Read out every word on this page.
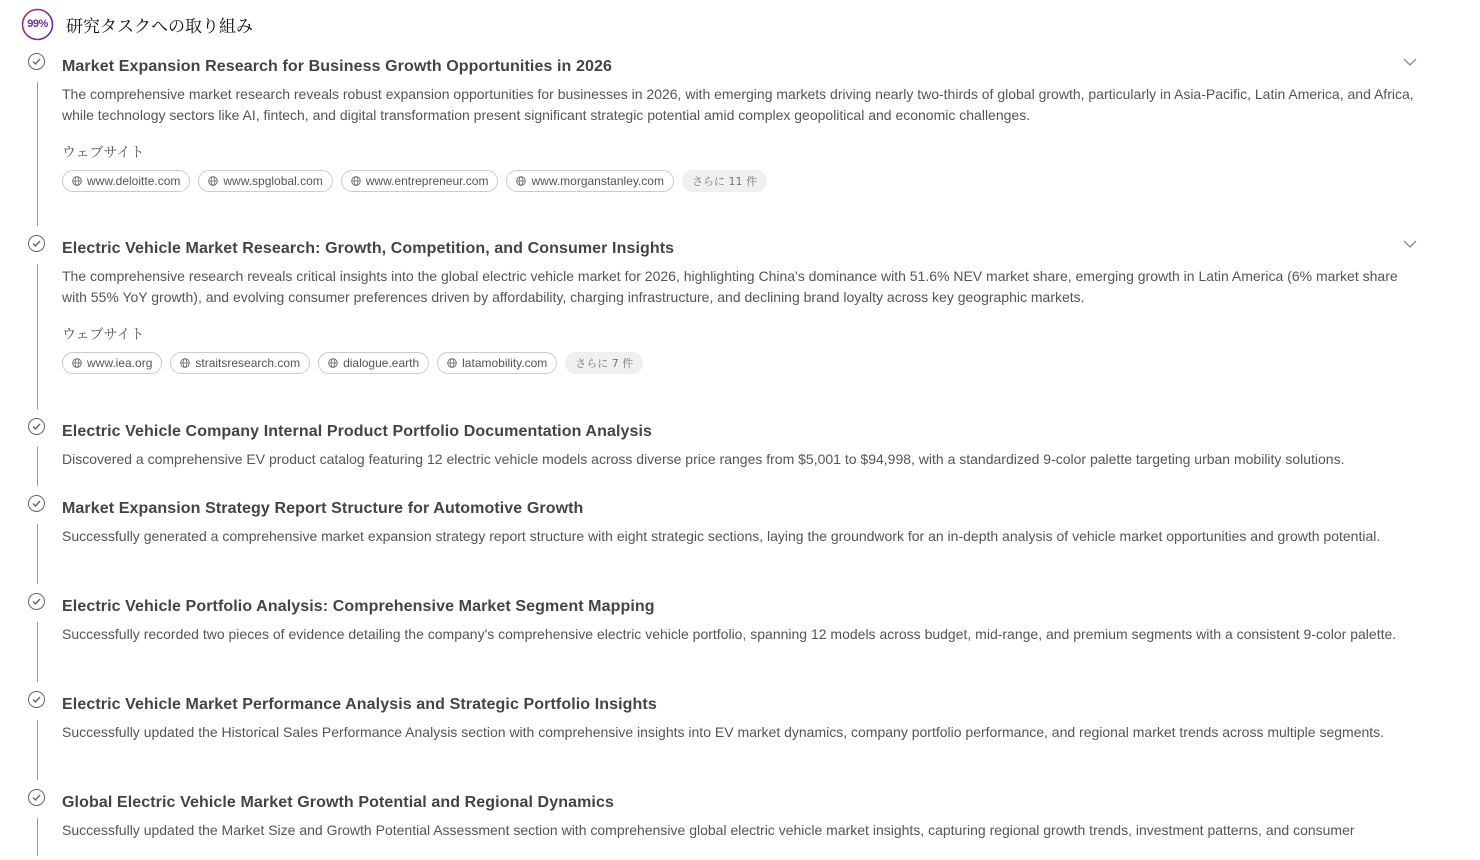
99%	研究タスクへの取り組み
Market Expansion Research for Business Growth Opportunities in 2026
The comprehensive market research reveals robust expansion opportunities for businesses in 2026, with emerging markets driving nearly two-thirds of global growth, particularly in Asia-Pacific, Latin America, and Africa, while technology sectors like AI, fintech, and digital transformation present significant strategic potential amid complex geopolitical and economic challenges.
ウェブサイト
www.deloitte.com	www.spglobal.com	www.entrepreneur.com	www.morganstanley.com	さらに 11 件
Electric Vehicle Market Research: Growth, Competition, and Consumer Insights
The comprehensive research reveals critical insights into the global electric vehicle market for 2026, highlighting China's dominance with 51.6% NEV market share, emerging growth in Latin America (6% market share with 55% YoY growth), and evolving consumer preferences driven by affordability, charging infrastructure, and declining brand loyalty across key geographic markets.
ウェブサイト
www.iea.org	straitsresearch.com	dialogue.earth	latamobility.com	さらに 7 件
Electric Vehicle Company Internal Product Portfolio Documentation Analysis
Discovered a comprehensive EV product catalog featuring 12 electric vehicle models across diverse price ranges from $5,001 to $94,998, with a standardized 9-color palette targeting urban mobility solutions.
Market Expansion Strategy Report Structure for Automotive Growth
Successfully generated a comprehensive market expansion strategy report structure with eight strategic sections, laying the groundwork for an in-depth analysis of vehicle market opportunities and growth potential.
Electric Vehicle Portfolio Analysis: Comprehensive Market Segment Mapping
Successfully recorded two pieces of evidence detailing the company's comprehensive electric vehicle portfolio, spanning 12 models across budget, mid-range, and premium segments with a consistent 9-color palette.
Electric Vehicle Market Performance Analysis and Strategic Portfolio Insights
Successfully updated the Historical Sales Performance Analysis section with comprehensive insights into EV market dynamics, company portfolio performance, and regional market trends across multiple segments.
Global Electric Vehicle Market Growth Potential and Regional Dynamics
Successfully updated the Market Size and Growth Potential Assessment section with comprehensive global electric vehicle market insights, capturing regional growth trends, investment patterns, and consumer
